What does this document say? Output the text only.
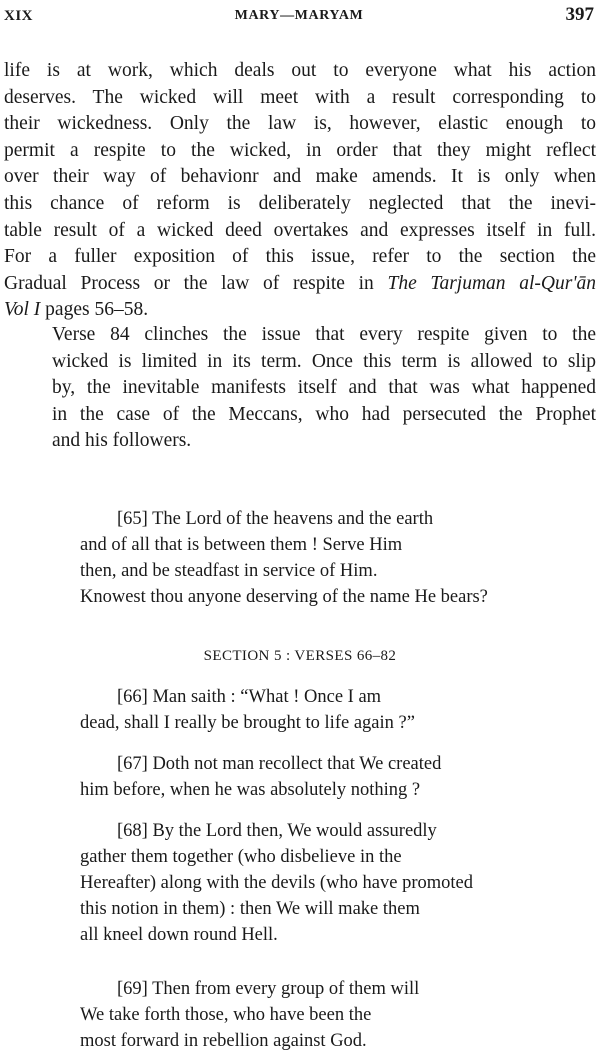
XIX	MARY—MARYAM	397

life is at work, which deals out to everyone what his action
deserves. The wicked will meet with a result corresponding to
their wickedness. Only the law is, however, elastic enough to
permit a respite to the wicked, in order that they might reflect
over their way of behavionr and make amends. It is only when
this chance of reform is deliberately neglected that the inevi-
table result of a wicked deed overtakes and expresses itself in full.
For a fuller exposition of this issue, refer to the section the
Gradual Process or the law of respite in The Tarjuman al-Qur'ān
Vol I pages 56–58.

Verse 84 clinches the issue that every respite given to the
wicked is limited in its term. Once this term is allowed to slip
by, the inevitable manifests itself and that was what happened
in the case of the Meccans, who had persecuted the Prophet
and his followers.

[65] The Lord of the heavens and the earth
and of all that is between them ! Serve Him
then, and be steadfast in service of Him.
Knowest thou anyone deserving of the name He bears?
SECTION 5 : VERSES 66–82
[66] Man saith : “What ! Once I am
dead, shall I really be brought to life again ?”
[67] Doth not man recollect that We created
him before, when he was absolutely nothing ?
[68] By the Lord then, We would assuredly
gather them together (who disbelieve in the
Hereafter) along with the devils (who have promoted
this notion in them) : then We will make them
all kneel down round Hell.
[69] Then from every group of them will
We take forth those, who have been the
most forward in rebellion against God.
